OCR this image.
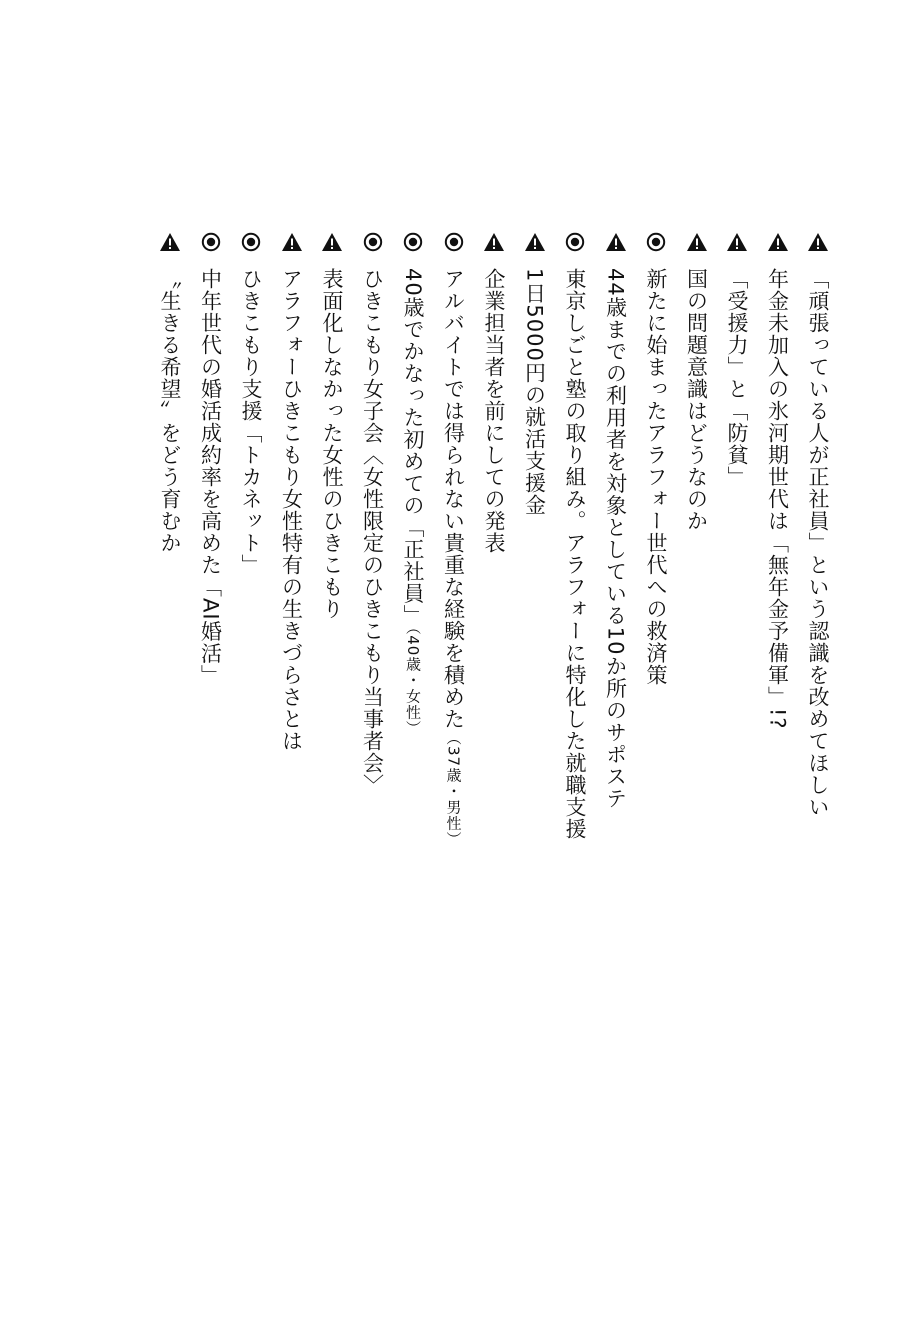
「頑張っている人が正社員」という認識を改めてほしい
年金未加入の氷河期世代は「無年金予備軍」!?
「受援力」と「防貧」
国の問題意識はどうなのか
新たに始まったアラフォー世代への救済策
44歳までの利用者を対象としている10か所のサポステ
東京しごと塾の取り組み。アラフォーに特化した就職支援
1日5000円の就活支援金
企業担当者を前にしての発表
アルバイトでは得られない貴重な経験を積めた（37歳・男性）
40歳でかなった初めての「正社員」（40歳・女性）
ひきこもり女子会〈女性限定のひきこもり当事者会〉
表面化しなかった女性のひきこもり
アラフォーひきこもり女性特有の生きづらさとは
ひきこもり支援「トカネット」
中年世代の婚活成約率を高めた「AI婚活」
〝生きる希望〟をどう育むか
